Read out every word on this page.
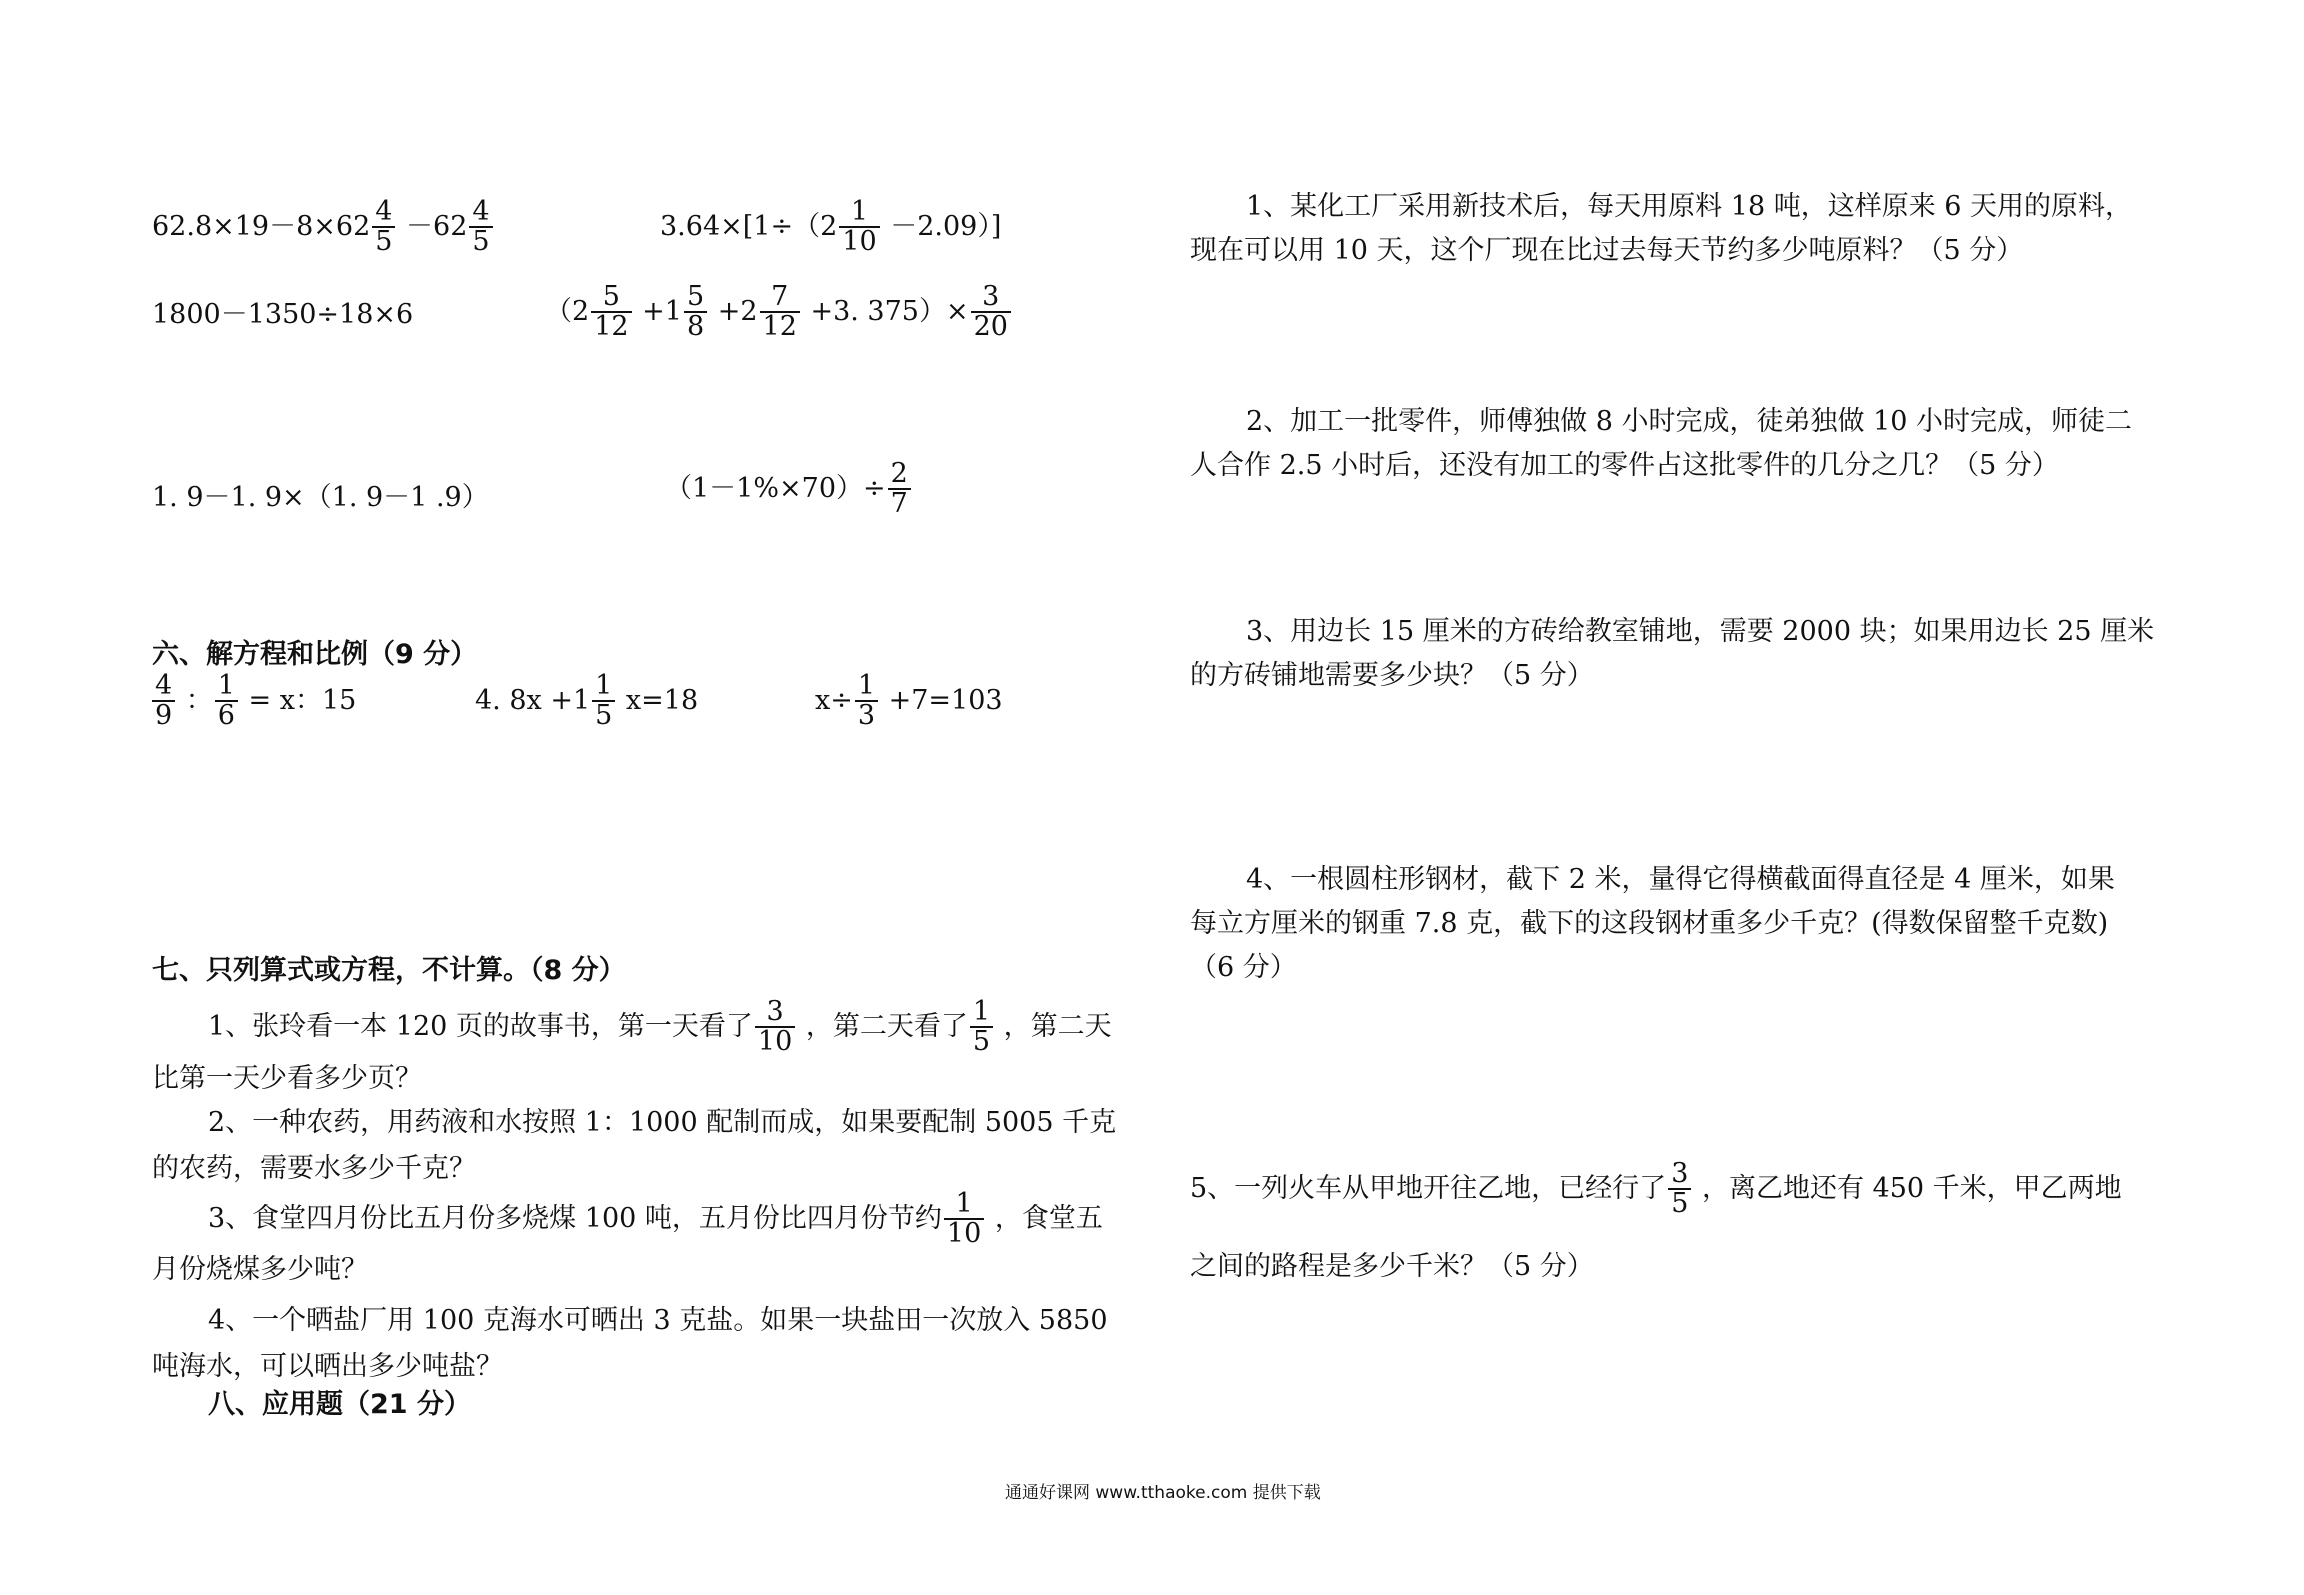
$62.8\times 19-8\times 62 \frac{4}{5} -62 \frac{4}{5}$	$3.64\times[1\div(2 \frac{1}{10} -2.09)]$
1800－1350÷18×6	（$2 \frac{5}{12} +1 \frac{5}{8} +2 \frac{7}{12} +3$. $375)\times \frac{3}{20}$
1. 9－1. 9×（1. 9－1 .9）	$(1-1\%\times 70)\div \frac{2}{7}$
六、解方程和比例（9 分）
$\frac{4}{9}$ ： $\frac{1}{6} = x$：15	4. $8x +1 \frac{1}{5} x=18$	$x\div \frac{1}{3} +7=103$
七、只列算式或方程，不计算。（8 分）
1、张玲看一本 120 页的故事书，第一天看了 $\frac{3}{10}$ ，第二天看了 $\frac{1}{5}$ ，第二天
比第一天少看多少页？
2、一种农药，用药液和水按照 1：1000 配制而成，如果要配制 5005 千克
的农药，需要水多少千克？
3、食堂四月份比五月份多烧煤 100 吨，五月份比四月份节约 $\frac{1}{10}$ ，食堂五
月份烧煤多少吨？
4、一个晒盐厂用 100 克海水可晒出 3 克盐。如果一块盐田一次放入 5850
吨海水，可以晒出多少吨盐？
八、应用题（21 分）
1、某化工厂采用新技术后，每天用原料 18 吨，这样原来 6 天用的原料，
现在可以用 10 天，这个厂现在比过去每天节约多少吨原料？（5 分）
2、加工一批零件，师傅独做 8 小时完成，徒弟独做 10 小时完成，师徒二
人合作 2.5 小时后，还没有加工的零件占这批零件的几分之几？（5 分）
3、用边长 15 厘米的方砖给教室铺地，需要 2000 块；如果用边长 25 厘米
的方砖铺地需要多少块？（5 分）
4、一根圆柱形钢材，截下 2 米，量得它得横截面得直径是 4 厘米，如果
每立方厘米的钢重 7.8 克，截下的这段钢材重多少千克？(得数保留整千克数)
（6 分）
5、一列火车从甲地开往乙地，已经行了 $\frac{3}{5}$ ，离乙地还有 450 千米，甲乙两地
之间的路程是多少千米？（5 分）
通通好课网 www.tthaoke.com 提供下载
